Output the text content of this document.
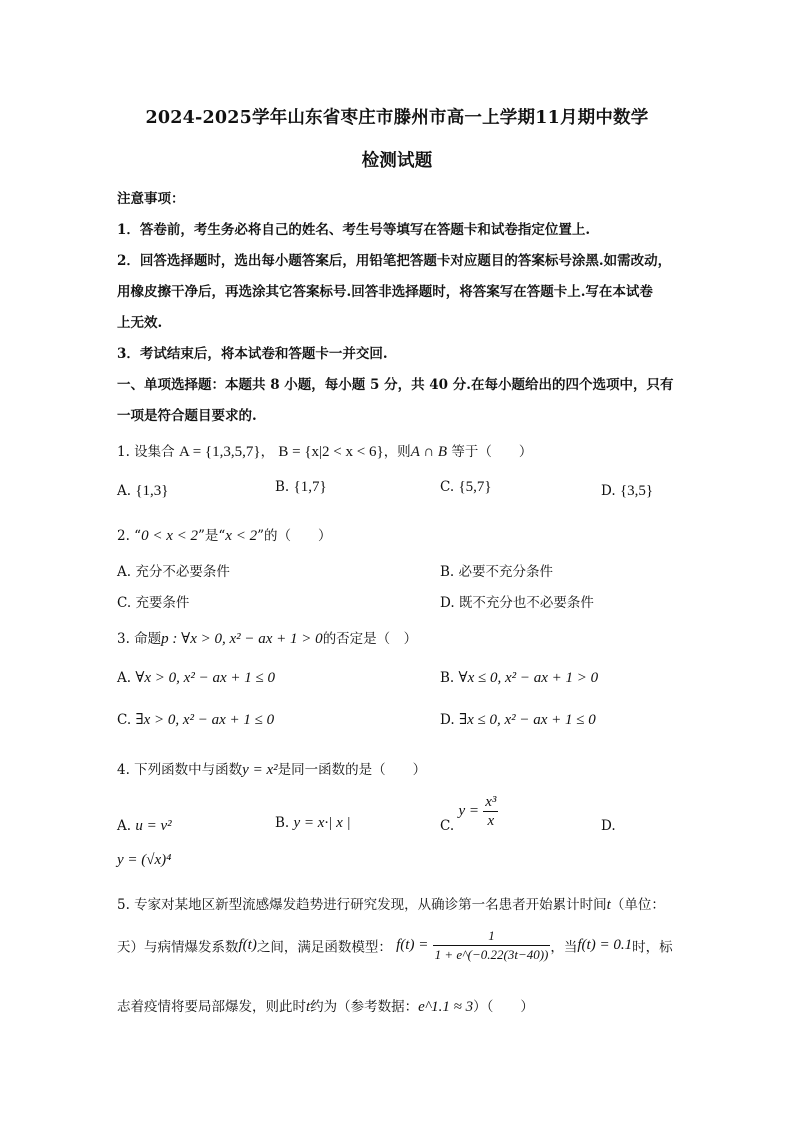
2024-2025学年山东省枣庄市滕州市高一上学期11月期中数学
检测试题
注意事项：
1．答卷前，考生务必将自己的姓名、考生号等填写在答题卡和试卷指定位置上.
2．回答选择题时，选出每小题答案后，用铅笔把答题卡对应题目的答案标号涂黑.如需改动，
用橡皮擦干净后，再选涂其它答案标号.回答非选择题时，将答案写在答题卡上.写在本试卷
上无效.
3．考试结束后，将本试卷和答题卡一并交回.
一、单项选择题：本题共 8 小题，每小题 5 分，共 40 分.在每小题给出的四个选项中，只有
一项是符合题目要求的.
1. 设集合 A = {1,3,5,7}， B = {x|2 < x < 6}，则A ∩ B 等于（　　）
A. {1,3}	B. {1,7}	C. {5,7}	D. {3,5}
2. “0 < x < 2”是“x < 2”的（　　）
A. 充分不必要条件	B. 必要不充分条件
C. 充要条件	D. 既不充分也不必要条件
3. 命题p : ∀x > 0, x² − ax + 1 > 0的否定是（　）
A. ∀x > 0, x² − ax + 1 ≤ 0	B. ∀x ≤ 0, x² − ax + 1 > 0
C. ∃x > 0, x² − ax + 1 ≤ 0	D. ∃x ≤ 0, x² − ax + 1 ≤ 0
4. 下列函数中与函数y = x²是同一函数的是（　　）
A. u = v²	B. y = x·| x |	C. $y = \frac{\text{x³}}{x}$	D.
y = (√x)⁴
5. 专家对某地区新型流感爆发趋势进行研究发现，从确诊第一名患者开始累计时间t（单位：
天）与病情爆发系数f(t)之间，满足函数模型： $f(t) = \frac{1}{1 + e\^{}(-0.22(3t-40))}$ ，当f(t) = 0.1时，标
志着疫情将要局部爆发，则此时t约为（参考数据：e^1.1 ≈ 3）（　　）
